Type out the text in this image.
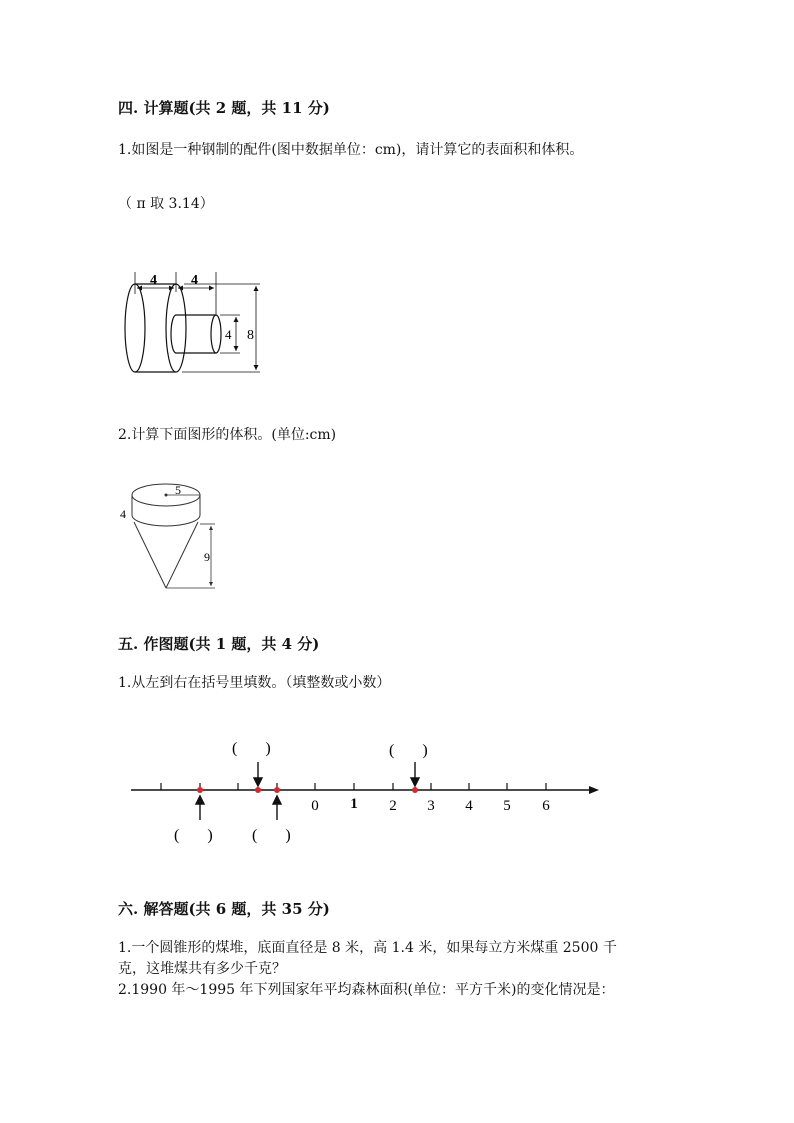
四. 计算题(共 2 题，共 11 分)
1.如图是一种钢制的配件(图中数据单位：cm)，请计算它的表面积和体积。
（ π 取 3.14）
4 4
4 8
2.计算下面图形的体积。(单位:cm)
5
4
9
五. 作图题(共 1 题，共 4 分)
1.从左到右在括号里填数。（填整数或小数）
0 1 2 3 4 5 6
(       )	(       )
(       ) (       )
六. 解答题(共 6 题，共 35 分)
1.一个圆锥形的煤堆，底面直径是 8 米，高 1.4 米，如果每立方米煤重 2500 千
克，这堆煤共有多少千克？
2.1990 年～1995 年下列国家年平均森林面积(单位：平方千米)的变化情况是：
